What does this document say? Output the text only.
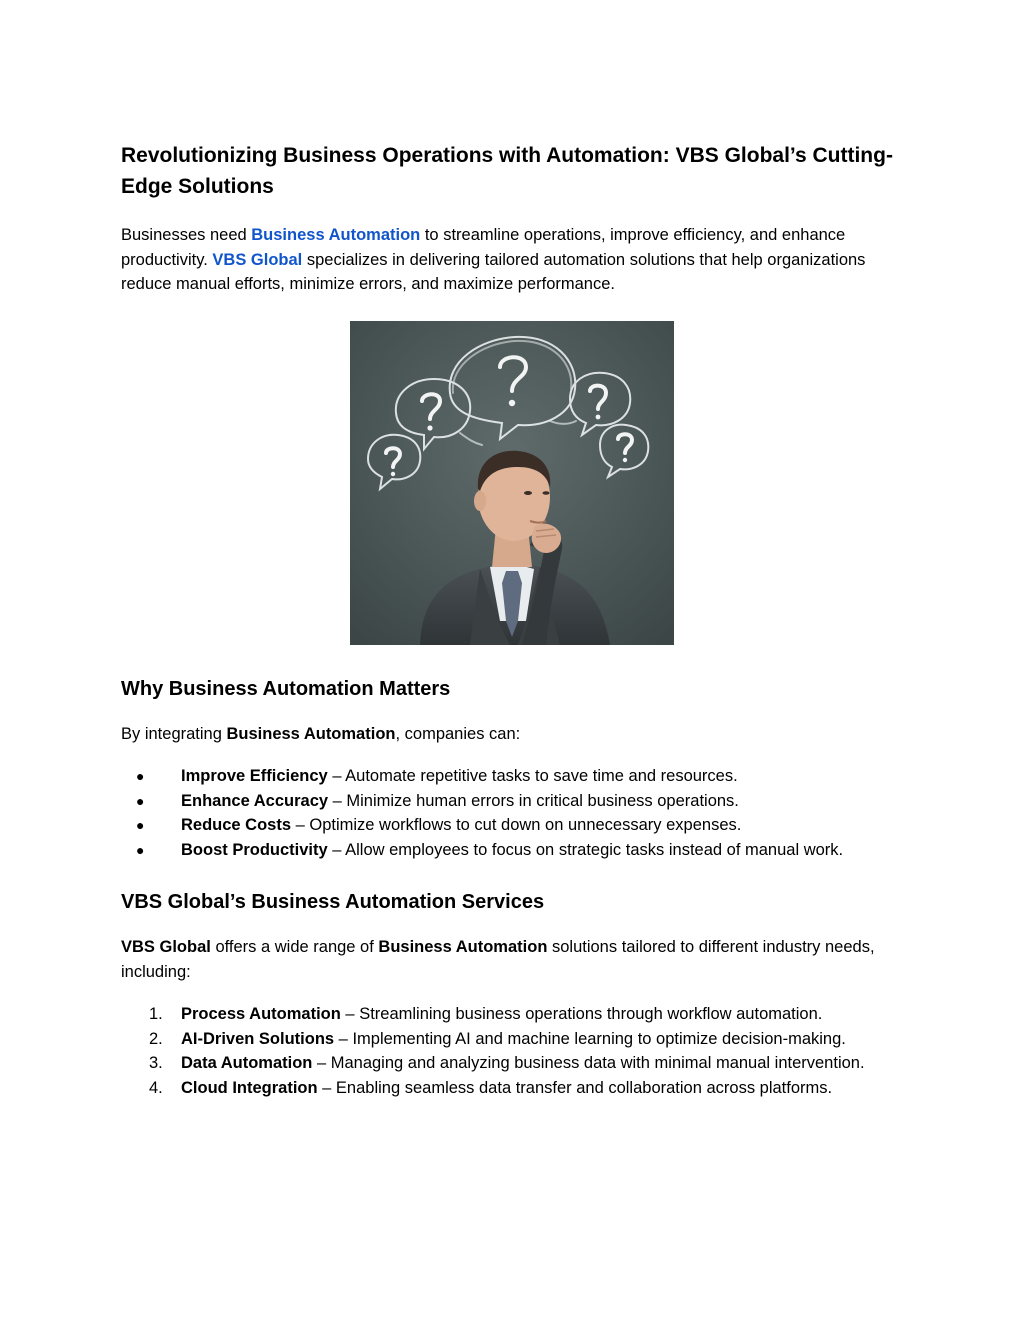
Revolutionizing Business Operations with Automation: VBS Global’s Cutting-Edge Solutions

Businesses need Business Automation to streamline operations, improve efficiency, and enhance productivity. VBS Global specializes in delivering tailored automation solutions that help organizations reduce manual efforts, minimize errors, and maximize performance.

Why Business Automation Matters

By integrating Business Automation, companies can:

● Improve Efficiency – Automate repetitive tasks to save time and resources.
● Enhance Accuracy – Minimize human errors in critical business operations.
● Reduce Costs – Optimize workflows to cut down on unnecessary expenses.
● Boost Productivity – Allow employees to focus on strategic tasks instead of manual work.
VBS Global’s Business Automation Services

VBS Global offers a wide range of Business Automation solutions tailored to different industry needs, including:

1. Process Automation – Streamlining business operations through workflow automation.
2. AI-Driven Solutions – Implementing AI and machine learning to optimize decision-making.
3. Data Automation – Managing and analyzing business data with minimal manual intervention.
4. Cloud Integration – Enabling seamless data transfer and collaboration across platforms.
